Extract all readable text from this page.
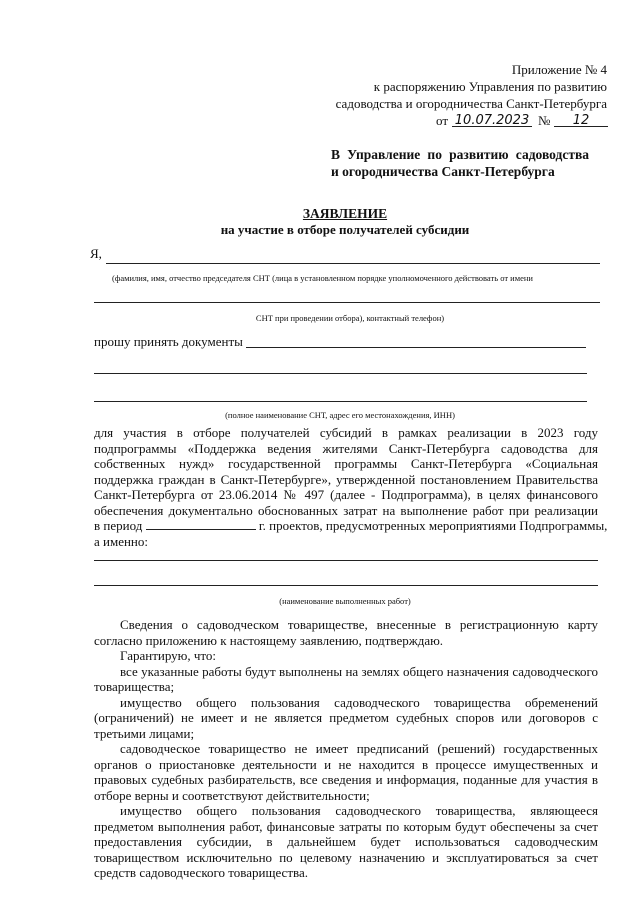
Приложение № 4
к распоряжению Управления по развитию
садоводства и огородничества Санкт-Петербурга
от 10.07.2023 №	12
В Управление по развитию садоводства
и огородничества Санкт-Петербурга
ЗАЯВЛЕНИЕ
на участие в отборе получателей субсидии
Я,
(фамилия, имя, отчество председателя СНТ (лица в установленном порядке уполномоченного действовать от имени
СНТ при проведении отбора), контактный телефон)
прошу принять документы
(полное наименование СНТ, адрес его местонахождения, ИНН)
для участия в отборе получателей субсидий в рамках реализации в 2023 году
подпрограммы «Поддержка ведения жителями Санкт-Петербурга садоводства для
собственных нужд» государственной программы Санкт-Петербурга «Социальная
поддержка граждан в Санкт-Петербурге», утвержденной постановлением Правительства
Санкт-Петербурга от 23.06.2014 № 497 (далее - Подпрограмма), в целях финансового
обеспечения документально обоснованных затрат на выполнение работ при реализации
в период	г. проектов, предусмотренных мероприятиями Подпрограммы,
а именно:
(наименование выполненных работ)

Сведения о садоводческом товариществе, внесенные в регистрационную карту согласно приложению к настоящему заявлению, подтверждаю.

Гарантирую, что:

все указанные работы будут выполнены на землях общего назначения садоводческого товарищества;

имущество общего пользования садоводческого товарищества обременений (ограничений) не имеет и не является предметом судебных споров или договоров с третьими лицами;

садоводческое товарищество не имеет предписаний (решений) государственных органов о приостановке деятельности и не находится в процессе имущественных и правовых судебных разбирательств, все сведения и информация, поданные для участия в отборе верны и соответствуют действительности;

имущество общего пользования садоводческого товарищества, являющееся предметом выполнения работ, финансовые затраты по которым будут обеспечены за счет предоставления субсидии, в дальнейшем будет использоваться садоводческим товариществом исключительно по целевому назначению и эксплуатироваться за счет средств садоводческого товарищества.
